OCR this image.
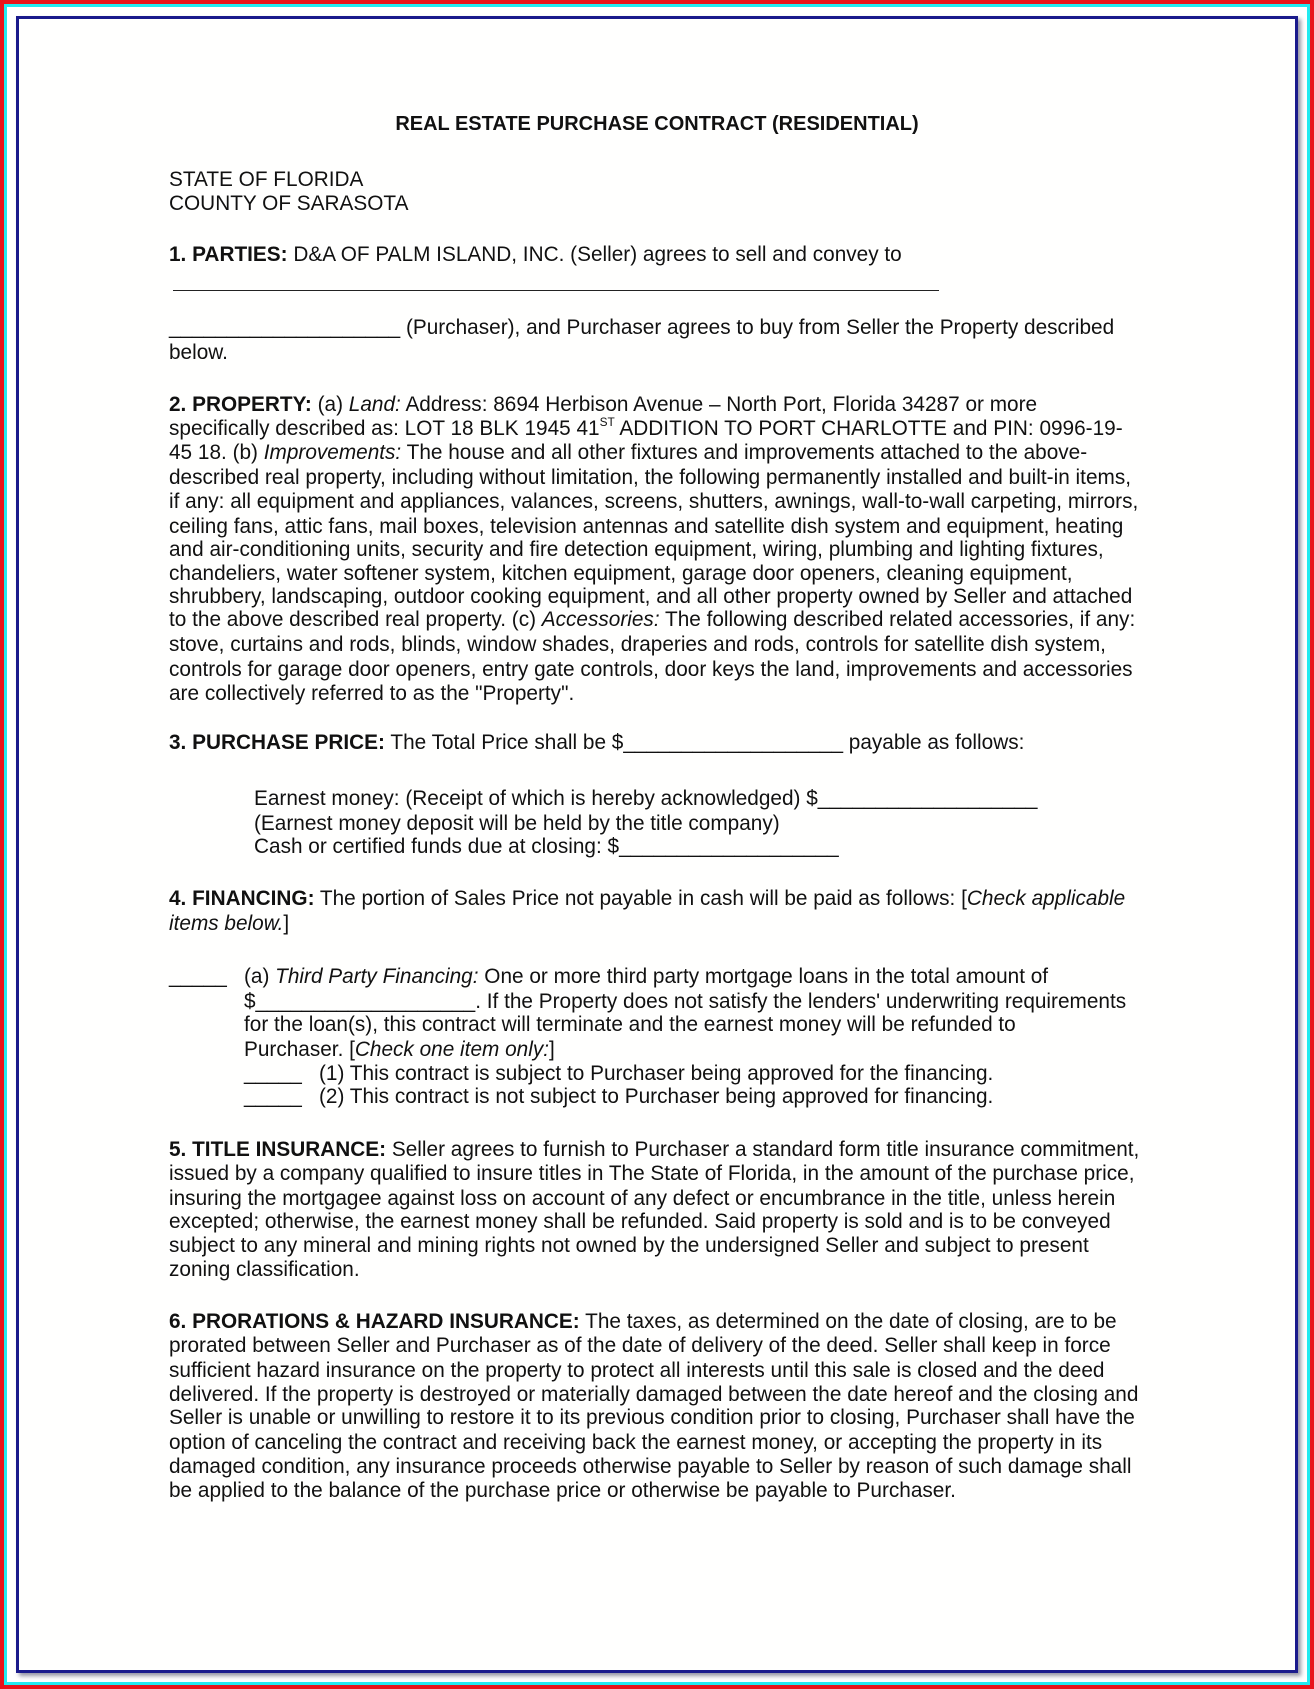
REAL ESTATE PURCHASE CONTRACT (RESIDENTIAL)
STATE OF FLORIDA
COUNTY OF SARASOTA
1. PARTIES: D&A OF PALM ISLAND, INC. (Seller) agrees to sell and convey to
____________________ (Purchaser), and Purchaser agrees to buy from Seller the Property described
below.
2. PROPERTY: (a) Land: Address: 8694 Herbison Avenue – North Port, Florida 34287 or more
specifically described as: LOT 18 BLK 1945 41ST ADDITION TO PORT CHARLOTTE and PIN: 0996-19-
45 18. (b) Improvements: The house and all other fixtures and improvements attached to the above-
described real property, including without limitation, the following permanently installed and built-in items,
if any: all equipment and appliances, valances, screens, shutters, awnings, wall-to-wall carpeting, mirrors,
ceiling fans, attic fans, mail boxes, television antennas and satellite dish system and equipment, heating
and air-conditioning units, security and fire detection equipment, wiring, plumbing and lighting fixtures,
chandeliers, water softener system, kitchen equipment, garage door openers, cleaning equipment,
shrubbery, landscaping, outdoor cooking equipment, and all other property owned by Seller and attached
to the above described real property. (c) Accessories: The following described related accessories, if any:
stove, curtains and rods, blinds, window shades, draperies and rods, controls for satellite dish system,
controls for garage door openers, entry gate controls, door keys the land, improvements and accessories
are collectively referred to as the "Property".
3. PURCHASE PRICE: The Total Price shall be $___________________ payable as follows:
Earnest money: (Receipt of which is hereby acknowledged) $___________________
(Earnest money deposit will be held by the title company)
Cash or certified funds due at closing: $___________________
4. FINANCING: The portion of Sales Price not payable in cash will be paid as follows: [Check applicable
items below.]
_____ (a) Third Party Financing: One or more third party mortgage loans in the total amount of
$___________________. If the Property does not satisfy the lenders' underwriting requirements
for the loan(s), this contract will terminate and the earnest money will be refunded to
Purchaser. [Check one item only:]
_____ (1) This contract is subject to Purchaser being approved for the financing.
_____ (2) This contract is not subject to Purchaser being approved for financing.
5. TITLE INSURANCE: Seller agrees to furnish to Purchaser a standard form title insurance commitment,
issued by a company qualified to insure titles in The State of Florida, in the amount of the purchase price,
insuring the mortgagee against loss on account of any defect or encumbrance in the title, unless herein
excepted; otherwise, the earnest money shall be refunded. Said property is sold and is to be conveyed
subject to any mineral and mining rights not owned by the undersigned Seller and subject to present
zoning classification.
6. PRORATIONS & HAZARD INSURANCE: The taxes, as determined on the date of closing, are to be
prorated between Seller and Purchaser as of the date of delivery of the deed. Seller shall keep in force
sufficient hazard insurance on the property to protect all interests until this sale is closed and the deed
delivered. If the property is destroyed or materially damaged between the date hereof and the closing and
Seller is unable or unwilling to restore it to its previous condition prior to closing, Purchaser shall have the
option of canceling the contract and receiving back the earnest money, or accepting the property in its
damaged condition, any insurance proceeds otherwise payable to Seller by reason of such damage shall
be applied to the balance of the purchase price or otherwise be payable to Purchaser.
